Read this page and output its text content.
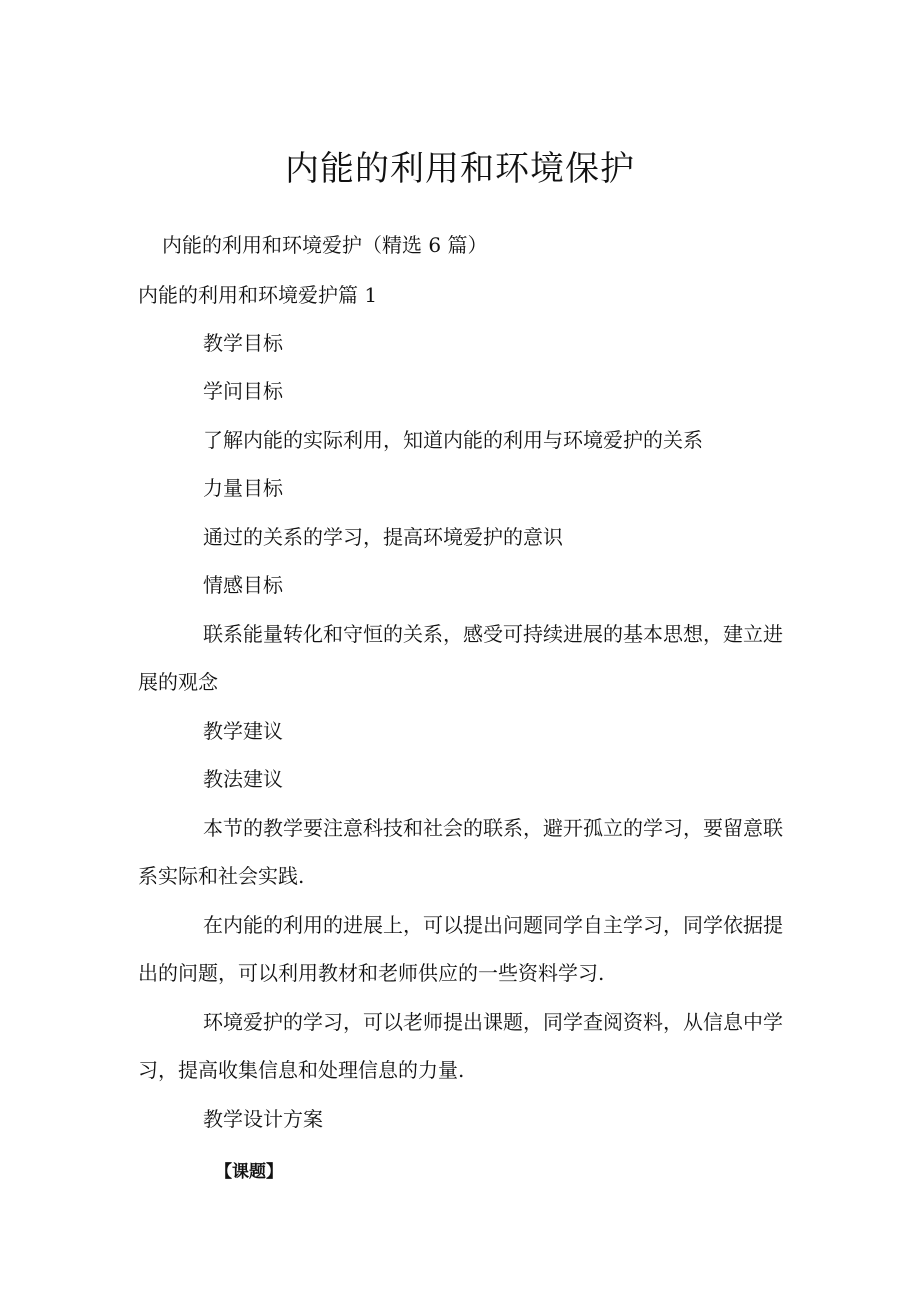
内能的利用和环境保护
内能的利用和环境爱护（精选 6 篇）
内能的利用和环境爱护篇 1
教学目标
学问目标
了解内能的实际利用，知道内能的利用与环境爱护的关系
力量目标
通过的关系的学习，提高环境爱护的意识
情感目标
联系能量转化和守恒的关系，感受可持续进展的基本思想，建立进
展的观念
教学建议
教法建议
本节的教学要注意科技和社会的联系，避开孤立的学习，要留意联
系实际和社会实践.
在内能的利用的进展上，可以提出问题同学自主学习，同学依据提
出的问题，可以利用教材和老师供应的一些资料学习.
环境爱护的学习，可以老师提出课题，同学查阅资料，从信息中学
习，提高收集信息和处理信息的力量.
教学设计方案
【课题】
